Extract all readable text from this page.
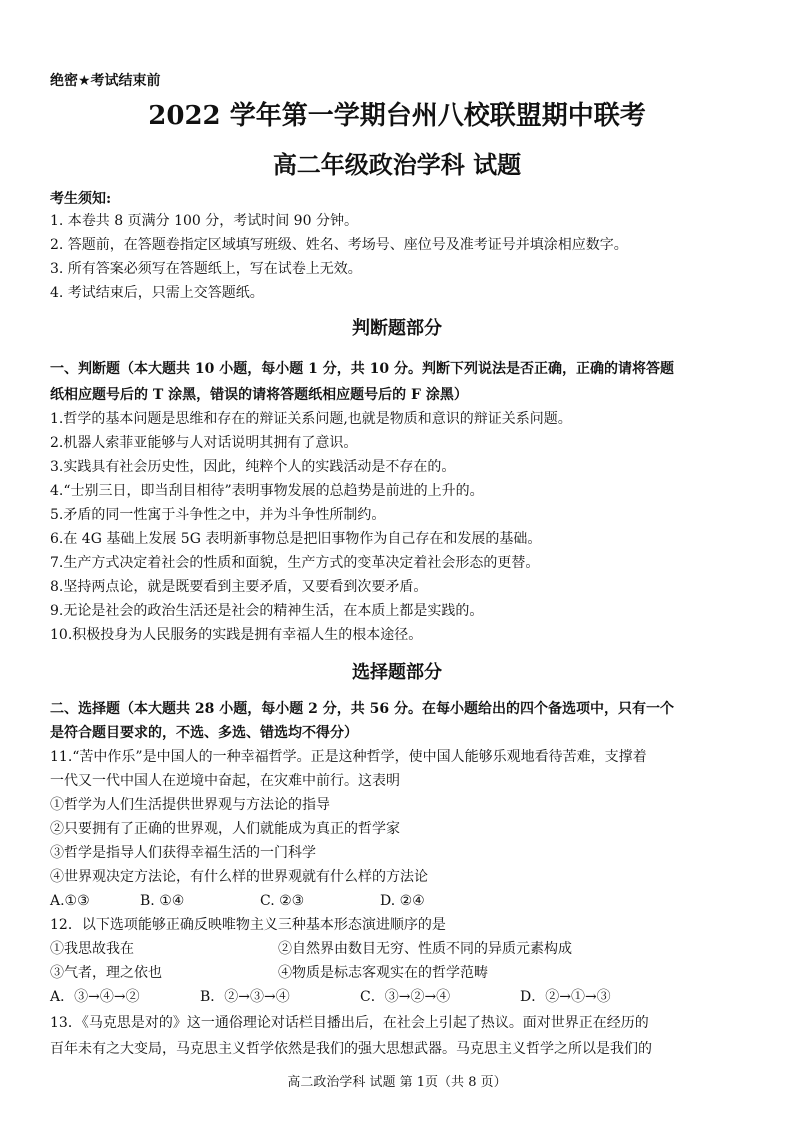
绝密★考试结束前
2022 学年第一学期台州八校联盟期中联考
高二年级政治学科 试题
考生须知:
1. 本卷共 8 页满分 100 分，考试时间 90 分钟。
2. 答题前，在答题卷指定区域填写班级、姓名、考场号、座位号及准考证号并填涂相应数字。
3. 所有答案必须写在答题纸上，写在试卷上无效。
4. 考试结束后，只需上交答题纸。
判断题部分
一、判断题（本大题共 10 小题，每小题 1 分，共 10 分。判断下列说法是否正确，正确的请将答题
纸相应题号后的 T 涂黑，错误的请将答题纸相应题号后的 F 涂黑）
1.哲学的基本问题是思维和存在的辩证关系问题,也就是物质和意识的辩证关系问题。
2.机器人索菲亚能够与人对话说明其拥有了意识。
3.实践具有社会历史性，因此，纯粹个人的实践活动是不存在的。
4.“士别三日，即当刮目相待”表明事物发展的总趋势是前进的上升的。
5.矛盾的同一性寓于斗争性之中，并为斗争性所制约。
6.在 4G 基础上发展 5G 表明新事物总是把旧事物作为自己存在和发展的基础。
7.生产方式决定着社会的性质和面貌，生产方式的变革决定着社会形态的更替。
8.坚持两点论，就是既要看到主要矛盾，又要看到次要矛盾。
9.无论是社会的政治生活还是社会的精神生活，在本质上都是实践的。
10.积极投身为人民服务的实践是拥有幸福人生的根本途径。
选择题部分
二、选择题（本大题共 28 小题，每小题 2 分，共 56 分。在每小题给出的四个备选项中，只有一个
是符合题目要求的，不选、多选、错选均不得分）
11.“苦中作乐”是中国人的一种幸福哲学。正是这种哲学，使中国人能够乐观地看待苦难，支撑着
一代又一代中国人在逆境中奋起，在灾难中前行。这表明
①哲学为人们生活提供世界观与方法论的指导
②只要拥有了正确的世界观，人们就能成为真正的哲学家
③哲学是指导人们获得幸福生活的一门科学
④世界观决定方法论，有什么样的世界观就有什么样的方法论
A.①③	B. ①④	C. ②③	D. ②④
12．以下选项能够正确反映唯物主义三种基本形态演进顺序的是
①我思故我在	②自然界由数目无穷、性质不同的异质元素构成
③气者，理之依也	④物质是标志客观实在的哲学范畴
A．③→④→②	B．②→③→④	C．③→②→④	D．②→①→③
13．《马克思是对的》这一通俗理论对话栏目播出后，在社会上引起了热议。面对世界正在经历的
百年未有之大变局，马克思主义哲学依然是我们的强大思想武器。马克思主义哲学之所以是我们的
高二政治学科 试题 第 1页（共 8 页）
